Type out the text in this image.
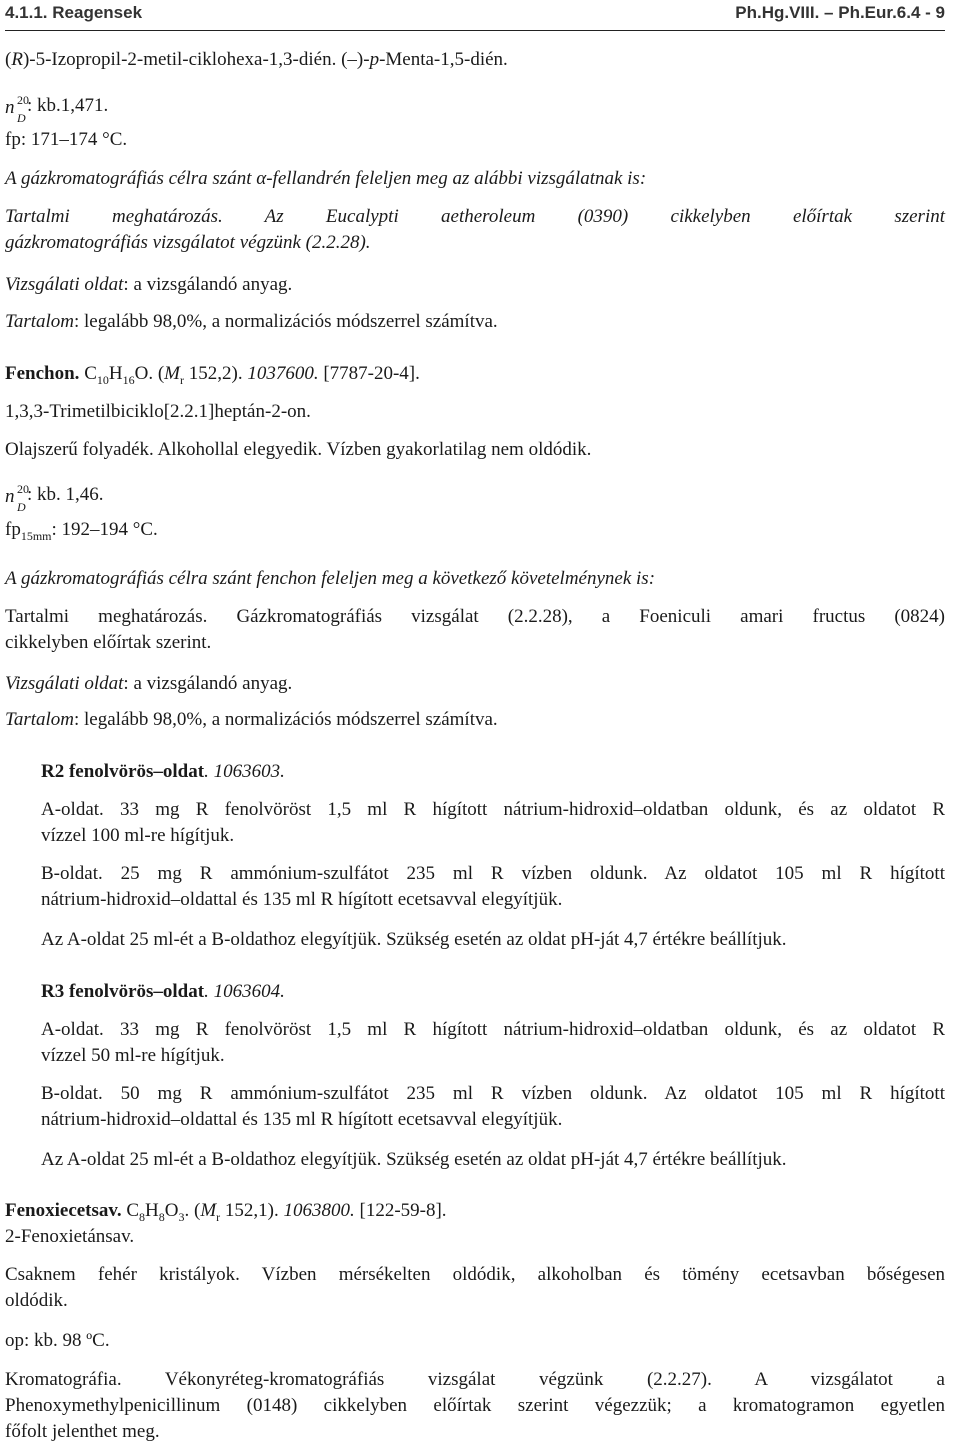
4.1.1. Reagensek	Ph.Hg.VIII. – Ph.Eur.6.4 - 9
(R)-5-Izopropil-2-metil-ciklohexa-1,3-dién. (–)-p-Menta-1,5-dién.
n 20
D
: kb.1,471.
fp: 171–174 °C.
A gázkromatográfiás célra szánt α-fellandrén feleljen meg az alábbi vizsgálatnak is:
Tartalmi meghatározás. Az Eucalypti aetheroleum (0390) cikkelyben előírtak szerint
gázkromatográfiás vizsgálatot végzünk (2.2.28).
Vizsgálati oldat: a vizsgálandó anyag.
Tartalom: legalább 98,0%, a normalizációs módszerrel számítva.
Fenchon. $C_{10}H_{16}O$. ($M_r$ 152,2). 1037600. [7787-20-4].
1,3,3-Trimetilbiciklo[2.2.1]heptán-2-on.
Olajszerű folyadék. Alkohollal elegyedik. Vízben gyakorlatilag nem oldódik.
n 20
D
: kb. 1,46.
$fp_{15mm}$: 192–194 °C.
A gázkromatográfiás célra szánt fenchon feleljen meg a következő követelménynek is:
Tartalmi meghatározás. Gázkromatográfiás vizsgálat (2.2.28), a Foeniculi amari fructus (0824)
cikkelyben előírtak szerint.
Vizsgálati oldat: a vizsgálandó anyag.
Tartalom: legalább 98,0%, a normalizációs módszerrel számítva.
R2 fenolvörös–oldat. 1063603.
A-oldat. 33 mg R fenolvöröst 1,5 ml R hígított nátrium-hidroxid–oldatban oldunk, és az oldatot R
vízzel 100 ml-re hígítjuk.
B-oldat. 25 mg R ammónium-szulfátot 235 ml R vízben oldunk. Az oldatot 105 ml R hígított
nátrium-hidroxid–oldattal és 135 ml R hígított ecetsavval elegyítjük.
Az A-oldat 25 ml-ét a B-oldathoz elegyítjük. Szükség esetén az oldat pH-ját 4,7 értékre beállítjuk.
R3 fenolvörös–oldat. 1063604.
A-oldat. 33 mg R fenolvöröst 1,5 ml R hígított nátrium-hidroxid–oldatban oldunk, és az oldatot R
vízzel 50 ml-re hígítjuk.
B-oldat. 50 mg R ammónium-szulfátot 235 ml R vízben oldunk. Az oldatot 105 ml R hígított
nátrium-hidroxid–oldattal és 135 ml R hígított ecetsavval elegyítjük.
Az A-oldat 25 ml-ét a B-oldathoz elegyítjük. Szükség esetén az oldat pH-ját 4,7 értékre beállítjuk.
Fenoxiecetsav. $C_8H_8O_3$. ($M_r$ 152,1). 1063800. [122-59-8].
2-Fenoxietánsav.
Csaknem fehér kristályok. Vízben mérsékelten oldódik, alkoholban és tömény ecetsavban bőségesen
oldódik.
op: kb. 98 ºC.
Kromatográfia. Vékonyréteg-kromatográfiás vizsgálat végzünk (2.2.27). A vizsgálatot a
Phenoxymethylpenicillinum (0148) cikkelyben előírtak szerint végezzük; a kromatogramon egyetlen
főfolt jelenthet meg.
